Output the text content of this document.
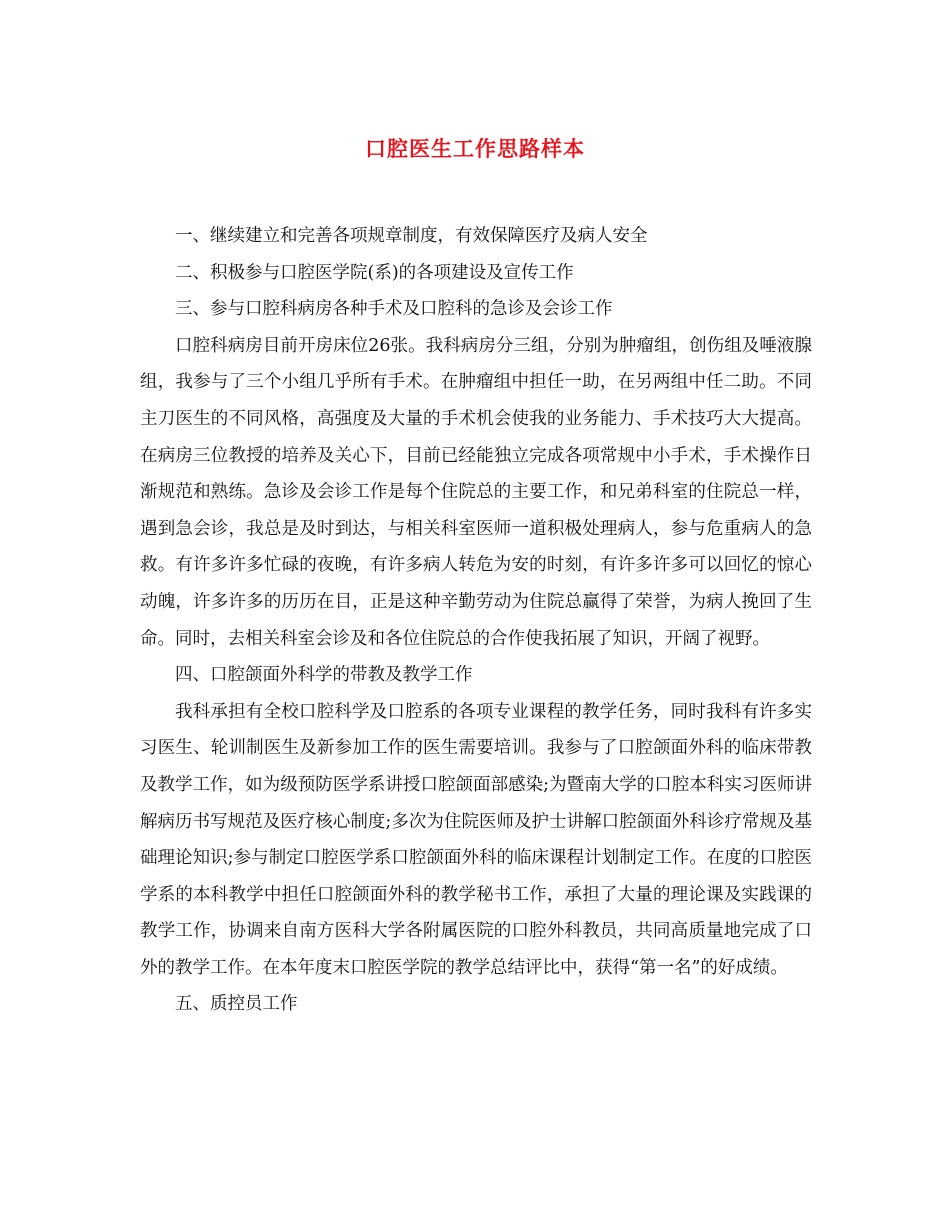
口腔医生工作思路样本

一、继续建立和完善各项规章制度，有效保障医疗及病人安全

二、积极参与口腔医学院(系)的各项建设及宣传工作

三、参与口腔科病房各种手术及口腔科的急诊及会诊工作

口腔科病房目前开房床位26张。我科病房分三组，分别为肿瘤组，创伤组及唾液腺组，我参与了三个小组几乎所有手术。在肿瘤组中担任一助，在另两组中任二助。不同主刀医生的不同风格，高强度及大量的手术机会使我的业务能力、手术技巧大大提高。在病房三位教授的培养及关心下，目前已经能独立完成各项常规中小手术，手术操作日渐规范和熟练。急诊及会诊工作是每个住院总的主要工作，和兄弟科室的住院总一样，遇到急会诊，我总是及时到达，与相关科室医师一道积极处理病人，参与危重病人的急救。有许多许多忙碌的夜晚，有许多病人转危为安的时刻，有许多许多可以回忆的惊心动魄，许多许多的历历在目，正是这种辛勤劳动为住院总赢得了荣誉，为病人挽回了生命。同时，去相关科室会诊及和各位住院总的合作使我拓展了知识，开阔了视野。

四、口腔颌面外科学的带教及教学工作

我科承担有全校口腔科学及口腔系的各项专业课程的教学任务，同时我科有许多实习医生、轮训制医生及新参加工作的医生需要培训。我参与了口腔颌面外科的临床带教及教学工作，如为级预防医学系讲授口腔颌面部感染;为暨南大学的口腔本科实习医师讲解病历书写规范及医疗核心制度;多次为住院医师及护士讲解口腔颌面外科诊疗常规及基础理论知识;参与制定口腔医学系口腔颌面外科的临床课程计划制定工作。在度的口腔医学系的本科教学中担任口腔颌面外科的教学秘书工作，承担了大量的理论课及实践课的教学工作，协调来自南方医科大学各附属医院的口腔外科教员，共同高质量地完成了口外的教学工作。在本年度末口腔医学院的教学总结评比中，获得“第一名”的好成绩。

五、质控员工作
